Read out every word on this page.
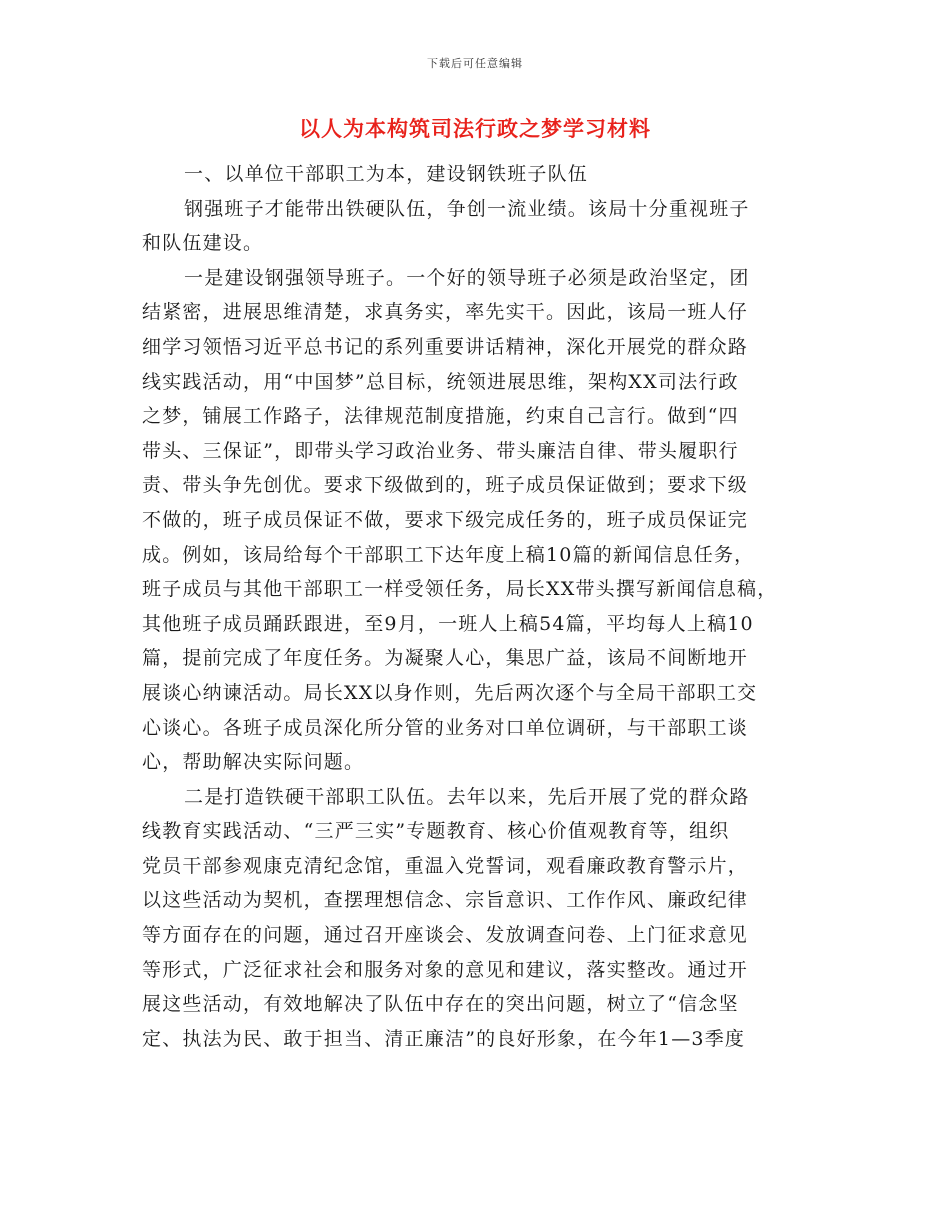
下载后可任意编辑
以人为本构筑司法行政之梦学习材料
一、以单位干部职工为本，建设钢铁班子队伍
钢强班子才能带出铁硬队伍，争创一流业绩。该局十分重视班子
和队伍建设。
一是建设钢强领导班子。一个好的领导班子必须是政治坚定，团
结紧密，进展思维清楚，求真务实，率先实干。因此，该局一班人仔
细学习领悟习近平总书记的系列重要讲话精神，深化开展党的群众路
线实践活动，用“中国梦”总目标，统领进展思维，架构XX司法行政
之梦，铺展工作路子，法律规范制度措施，约束自己言行。做到“四
带头、三保证”，即带头学习政治业务、带头廉洁自律、带头履职行
责、带头争先创优。要求下级做到的，班子成员保证做到；要求下级
不做的，班子成员保证不做，要求下级完成任务的，班子成员保证完
成。例如，该局给每个干部职工下达年度上稿10篇的新闻信息任务，
班子成员与其他干部职工一样受领任务，局长XX带头撰写新闻信息稿，
其他班子成员踊跃跟进，至9月，一班人上稿54篇，平均每人上稿10
篇，提前完成了年度任务。为凝聚人心，集思广益，该局不间断地开
展谈心纳谏活动。局长XX以身作则，先后两次逐个与全局干部职工交
心谈心。各班子成员深化所分管的业务对口单位调研，与干部职工谈
心，帮助解决实际问题。
二是打造铁硬干部职工队伍。去年以来，先后开展了党的群众路
线教育实践活动、“三严三实”专题教育、核心价值观教育等，组织
党员干部参观康克清纪念馆，重温入党誓词，观看廉政教育警示片，
以这些活动为契机，查摆理想信念、宗旨意识、工作作风、廉政纪律
等方面存在的问题，通过召开座谈会、发放调查问卷、上门征求意见
等形式，广泛征求社会和服务对象的意见和建议，落实整改。通过开
展这些活动，有效地解决了队伍中存在的突出问题，树立了“信念坚
定、执法为民、敢于担当、清正廉洁”的良好形象，在今年1—3季度
